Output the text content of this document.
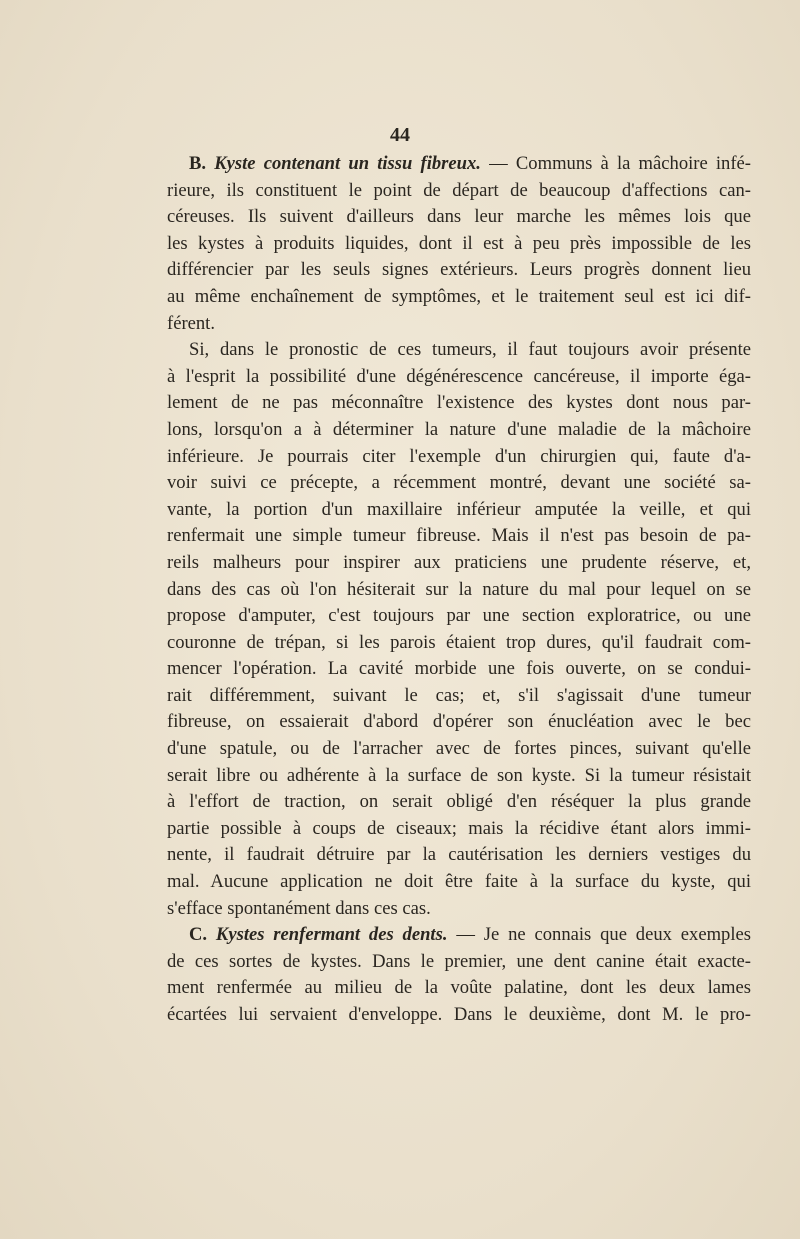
44
B. Kyste contenant un tissu fibreux. — Communs à la mâchoire infé-
rieure, ils constituent le point de départ de beaucoup d'affections can-
céreuses. Ils suivent d'ailleurs dans leur marche les mêmes lois que
les kystes à produits liquides, dont il est à peu près impossible de les
différencier par les seuls signes extérieurs. Leurs progrès donnent lieu
au même enchaînement de symptômes, et le traitement seul est ici dif-
férent.
Si, dans le pronostic de ces tumeurs, il faut toujours avoir présente
à l'esprit la possibilité d'une dégénérescence cancéreuse, il importe éga-
lement de ne pas méconnaître l'existence des kystes dont nous par-
lons, lorsqu'on a à déterminer la nature d'une maladie de la mâchoire
inférieure. Je pourrais citer l'exemple d'un chirurgien qui, faute d'a-
voir suivi ce précepte, a récemment montré, devant une société sa-
vante, la portion d'un maxillaire inférieur amputée la veille, et qui
renfermait une simple tumeur fibreuse. Mais il n'est pas besoin de pa-
reils malheurs pour inspirer aux praticiens une prudente réserve, et,
dans des cas où l'on hésiterait sur la nature du mal pour lequel on se
propose d'amputer, c'est toujours par une section exploratrice, ou une
couronne de trépan, si les parois étaient trop dures, qu'il faudrait com-
mencer l'opération. La cavité morbide une fois ouverte, on se condui-
rait différemment, suivant le cas; et, s'il s'agissait d'une tumeur
fibreuse, on essaierait d'abord d'opérer son énucléation avec le bec
d'une spatule, ou de l'arracher avec de fortes pinces, suivant qu'elle
serait libre ou adhérente à la surface de son kyste. Si la tumeur résistait
à l'effort de traction, on serait obligé d'en réséquer la plus grande
partie possible à coups de ciseaux; mais la récidive étant alors immi-
nente, il faudrait détruire par la cautérisation les derniers vestiges du
mal. Aucune application ne doit être faite à la surface du kyste, qui
s'efface spontanément dans ces cas.
C. Kystes renfermant des dents. — Je ne connais que deux exemples
de ces sortes de kystes. Dans le premier, une dent canine était exacte-
ment renfermée au milieu de la voûte palatine, dont les deux lames
écartées lui servaient d'enveloppe. Dans le deuxième, dont M. le pro-
